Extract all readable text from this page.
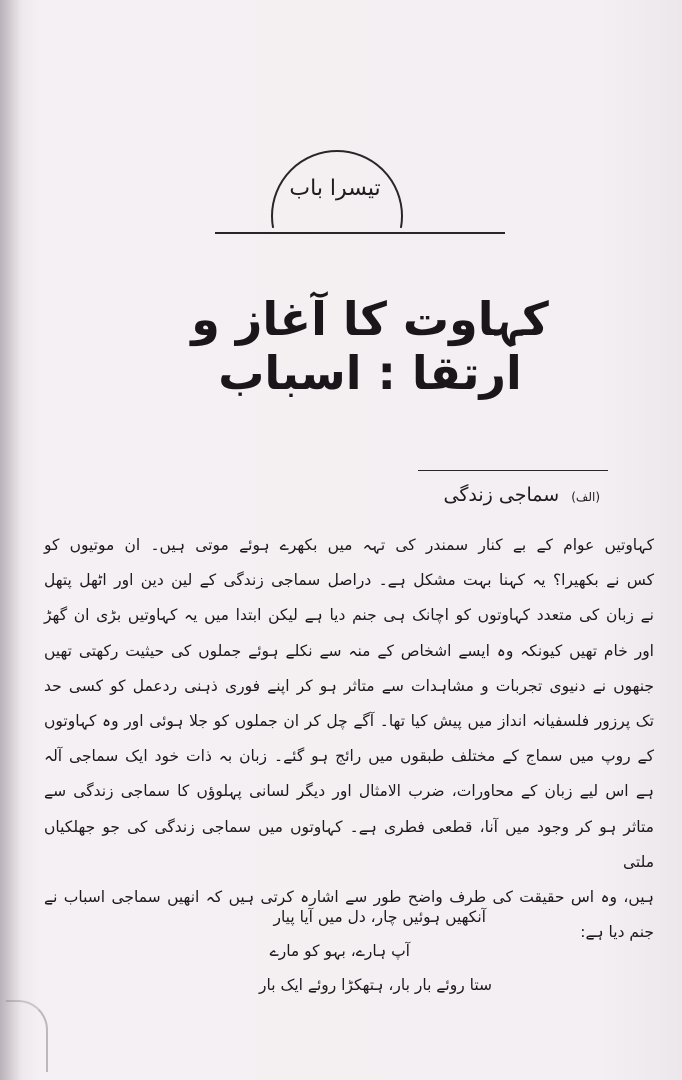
تیسرا باب
کہاوت کا آغاز و ارتقا : اسباب
(الف) سماجی زندگی

کہاوتیں عوام کے بے کنار سمندر کی تہہ میں بکھرے ہوئے موتی ہیں۔ ان موتیوں کو

کس نے بکھیرا؟ یہ کہنا بہت مشکل ہے۔ دراصل سماجی زندگی کے لین دین اور اٹھل پتھل

نے زبان کی متعدد کہاوتوں کو اچانک ہی جنم دیا ہے لیکن ابتدا میں یہ کہاوتیں بڑی ان گھڑ

اور خام تھیں کیونکہ وہ ایسے اشخاص کے منہ سے نکلے ہوئے جملوں کی حیثیت رکھتی تھیں

جنھوں نے دنیوی تجربات و مشاہدات سے متاثر ہو کر اپنے فوری ذہنی ردعمل کو کسی حد

تک پرزور فلسفیانہ انداز میں پیش کیا تھا۔ آگے چل کر ان جملوں کو جلا ہوئی اور وہ کہاوتوں

کے روپ میں سماج کے مختلف طبقوں میں رائج ہو گئے۔ زبان بہ ذات خود ایک سماجی آلہ

ہے اس لیے زبان کے محاورات، ضرب الامثال اور دیگر لسانی پہلوؤں کا سماجی زندگی سے

متاثر ہو کر وجود میں آنا، قطعی فطری ہے۔ کہاوتوں میں سماجی زندگی کی جو جھلکیاں ملتی

ہیں، وہ اس حقیقت کی طرف واضح طور سے اشارہ کرتی ہیں کہ انھیں سماجی اسباب نے

جنم دیا ہے:

آنکھیں ہوئیں چار، دل میں آیا پیار
آپ ہارے، بہو کو مارے
ستا روئے بار بار، ہتھکڑا روئے ایک بار
